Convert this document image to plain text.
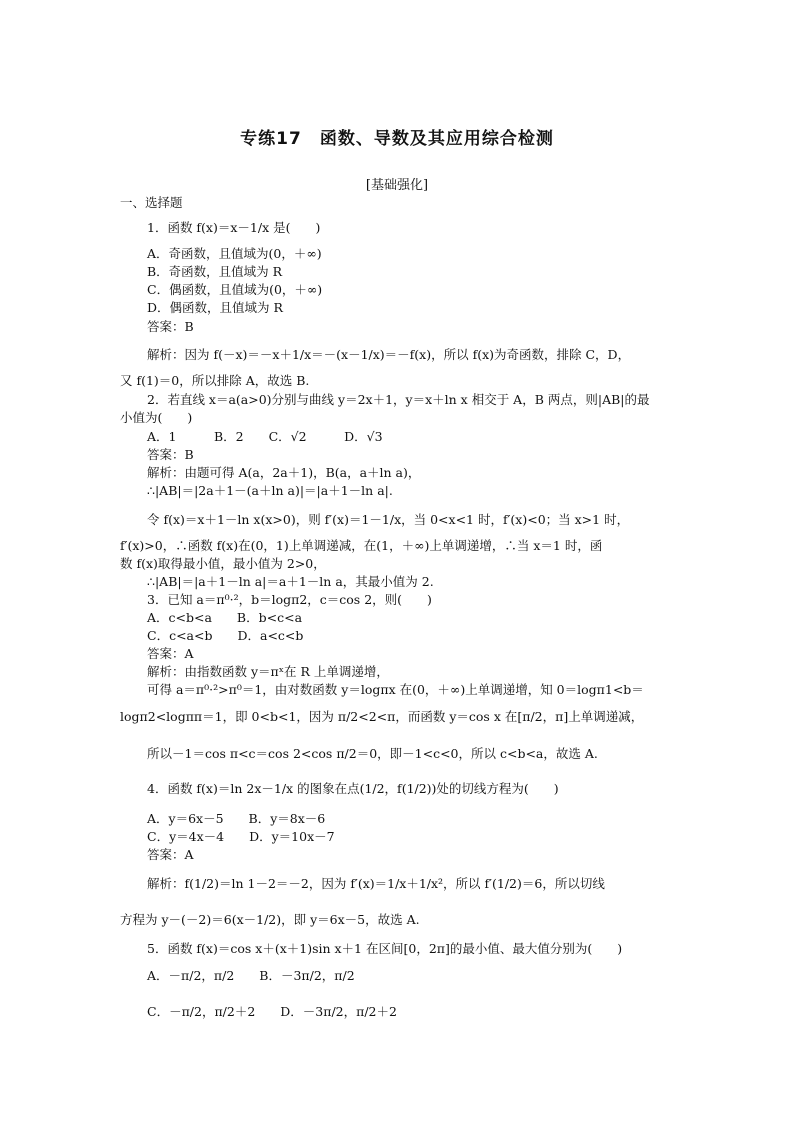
专练17　函数、导数及其应用综合检测
[基础强化]
一、选择题
1．函数 f(x)＝x－1/x 是(　　)
A．奇函数，且值域为(0，＋∞)
B．奇函数，且值域为 R
C．偶函数，且值域为(0，＋∞)
D．偶函数，且值域为 R
答案：B
解析：因为 f(－x)＝－x＋1/x＝－(x－1/x)＝－f(x)，所以 f(x)为奇函数，排除 C，D，
又 f(1)＝0，所以排除 A，故选 B.
2．若直线 x＝a(a>0)分别与曲线 y＝2x＋1，y＝x＋ln x 相交于 A，B 两点，则|AB|的最
小值为(　　)
A．1　　　B．2　　C．√2　　　D．√3
答案：B
解析：由题可得 A(a，2a＋1)，B(a，a＋ln a)，
∴|AB|＝|2a＋1－(a＋ln a)|＝|a＋1－ln a|.
令 f(x)＝x＋1－ln x(x>0)，则 f′(x)＝1－1/x，当 0<x<1 时，f′(x)<0；当 x>1 时，
f′(x)>0，∴函数 f(x)在(0，1)上单调递减，在(1，＋∞)上单调递增，∴当 x＝1 时，函
数 f(x)取得最小值，最小值为 2>0，
∴|AB|＝|a＋1－ln a|＝a＋1－ln a，其最小值为 2.
3．已知 a＝π⁰·²，b＝logπ2，c＝cos 2，则(　　)
A．c<b<a　　B．b<c<a
C．c<a<b　　D．a<c<b
答案：A
解析：由指数函数 y＝πˣ在 R 上单调递增，
可得 a＝π⁰·²>π⁰＝1，由对数函数 y＝logπx 在(0，＋∞)上单调递增，知 0＝logπ1<b＝
logπ2<logππ＝1，即 0<b<1，因为 π/2<2<π，而函数 y＝cos x 在[π/2，π]上单调递减，
所以－1＝cos π<c＝cos 2<cos π/2＝0，即－1<c<0，所以 c<b<a，故选 A.
4．函数 f(x)＝ln 2x－1/x 的图象在点(1/2，f(1/2))处的切线方程为(　　)
A．y＝6x－5　　B．y＝8x－6
C．y＝4x－4　　D．y＝10x－7
答案：A
解析：f(1/2)＝ln 1－2＝－2，因为 f′(x)＝1/x＋1/x²，所以 f′(1/2)＝6，所以切线
方程为 y－(－2)＝6(x－1/2)，即 y＝6x－5，故选 A.
5．函数 f(x)＝cos x＋(x＋1)sin x＋1 在区间[0，2π]的最小值、最大值分别为(　　)
A．－π/2，π/2　　B．－3π/2，π/2
C．－π/2，π/2＋2　　D．－3π/2，π/2＋2
